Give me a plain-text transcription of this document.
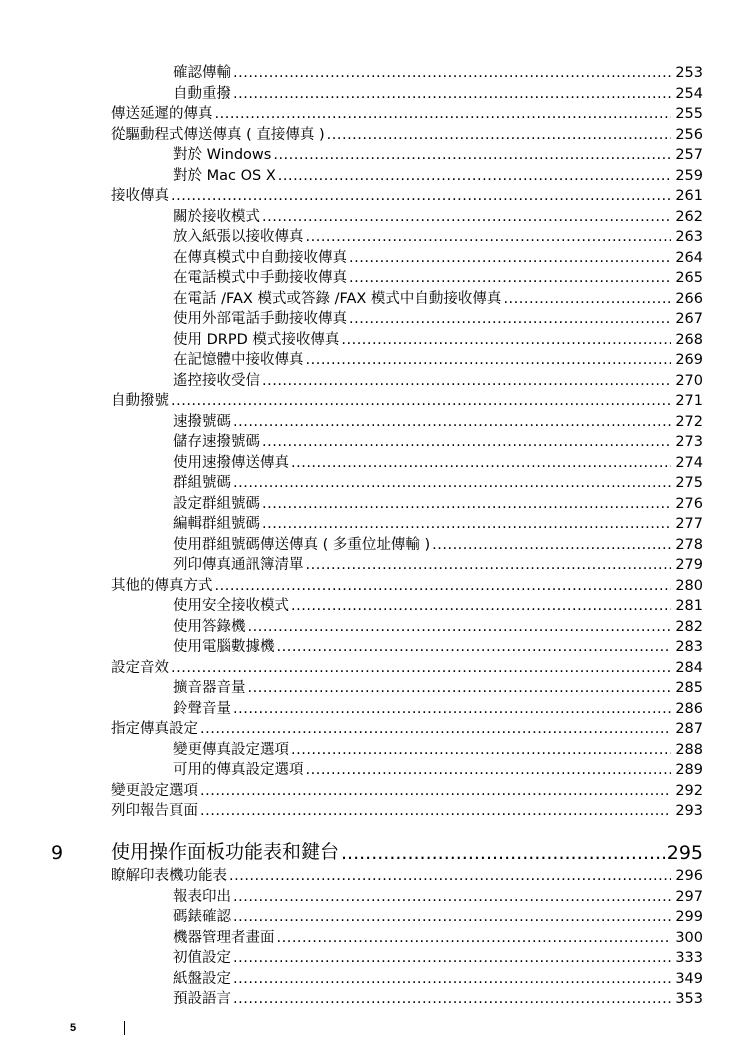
9	使用操作面板功能表和鍵台 .....	295
5
確認傳輸 .....	253
自動重撥 .....	254
傳送延遲的傳真 .....	255
從驅動程式傳送傳真 ( 直接傳真 ) .....	256
對於 Windows .....	257
對於 Mac OS X .....	259
接收傳真 .....	261
關於接收模式 .....	262
放入紙張以接收傳真 .....	263
在傳真模式中自動接收傳真 .....	264
在電話模式中手動接收傳真 .....	265
在電話 /FAX 模式或答錄 /FAX 模式中自動接收傳真 .....	266
使用外部電話手動接收傳真 .....	267
使用 DRPD 模式接收傳真 .....	268
在記憶體中接收傳真 .....	269
遙控接收受信 .....	270
自動撥號 .....	271
速撥號碼 .....	272
儲存速撥號碼 .....	273
使用速撥傳送傳真 .....	274
群組號碼 .....	275
設定群組號碼 .....	276
編輯群組號碼 .....	277
使用群組號碼傳送傳真 ( 多重位址傳輸 ) .....	278
列印傳真通訊簿清單 .....	279
其他的傳真方式 .....	280
使用安全接收模式 .....	281
使用答錄機 .....	282
使用電腦數據機 .....	283
設定音效 .....	284
擴音器音量 .....	285
鈴聲音量 .....	286
指定傳真設定 .....	287
變更傳真設定選項 .....	288
可用的傳真設定選項 .....	289
變更設定選項 .....	292
列印報告頁面 .....	293
瞭解印表機功能表 .....	296
報表印出 .....	297
碼錶確認 .....	299
機器管理者畫面 .....	300
初值設定 .....	333
紙盤設定 .....	349
預設語言 .....	353
